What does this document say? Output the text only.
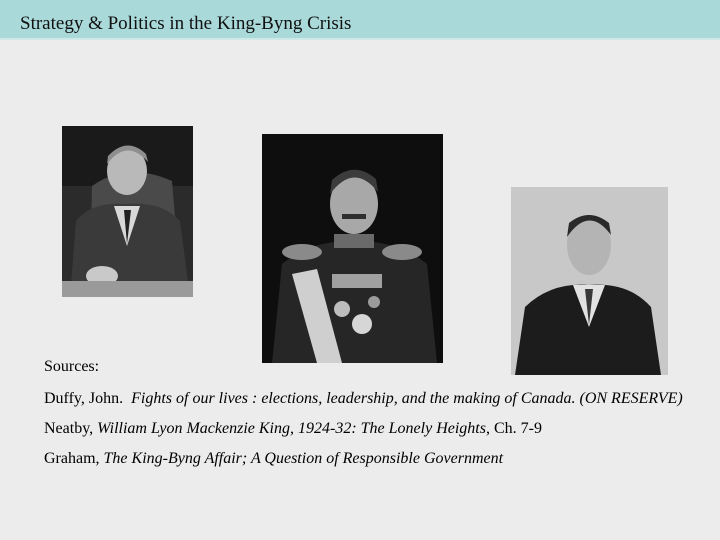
Strategy & Politics in the King-Byng Crisis

Sources:

Duffy, John. Fights of our lives : elections, leadership, and the making of Canada. (ON RESERVE)

Neatby, William Lyon Mackenzie King, 1924-32: The Lonely Heights, Ch. 7-9

Graham, The King-Byng Affair; A Question of Responsible Government
